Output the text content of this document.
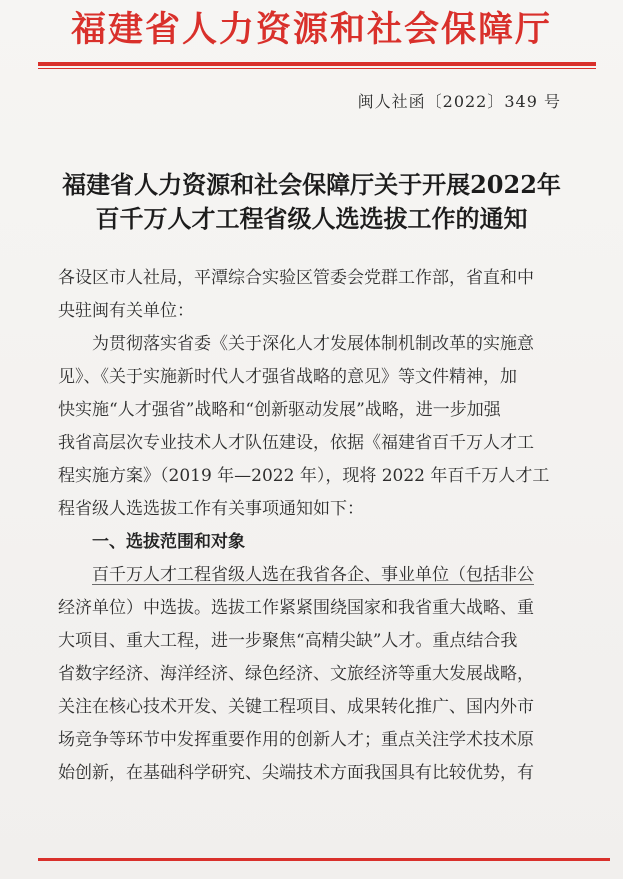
福建省人力资源和社会保障厅
闽人社函〔2022〕349 号
福建省人力资源和社会保障厅关于开展2022年
百千万人才工程省级人选选拔工作的通知
各设区市人社局，平潭综合实验区管委会党群工作部，省直和中
央驻闽有关单位：
为贯彻落实省委《关于深化人才发展体制机制改革的实施意
见》、《关于实施新时代人才强省战略的意见》等文件精神，加
快实施“人才强省”战略和“创新驱动发展”战略，进一步加强
我省高层次专业技术人才队伍建设，依据《福建省百千万人才工
程实施方案》（2019 年—2022 年），现将 2022 年百千万人才工
程省级人选选拔工作有关事项通知如下：
一、选拔范围和对象
百千万人才工程省级人选在我省各企、事业单位（包括非公
经济单位）中选拔。选拔工作紧紧围绕国家和我省重大战略、重
大项目、重大工程，进一步聚焦“高精尖缺”人才。重点结合我
省数字经济、海洋经济、绿色经济、文旅经济等重大发展战略，
关注在核心技术开发、关键工程项目、成果转化推广、国内外市
场竞争等环节中发挥重要作用的创新人才；重点关注学术技术原
始创新，在基础科学研究、尖端技术方面我国具有比较优势，有
